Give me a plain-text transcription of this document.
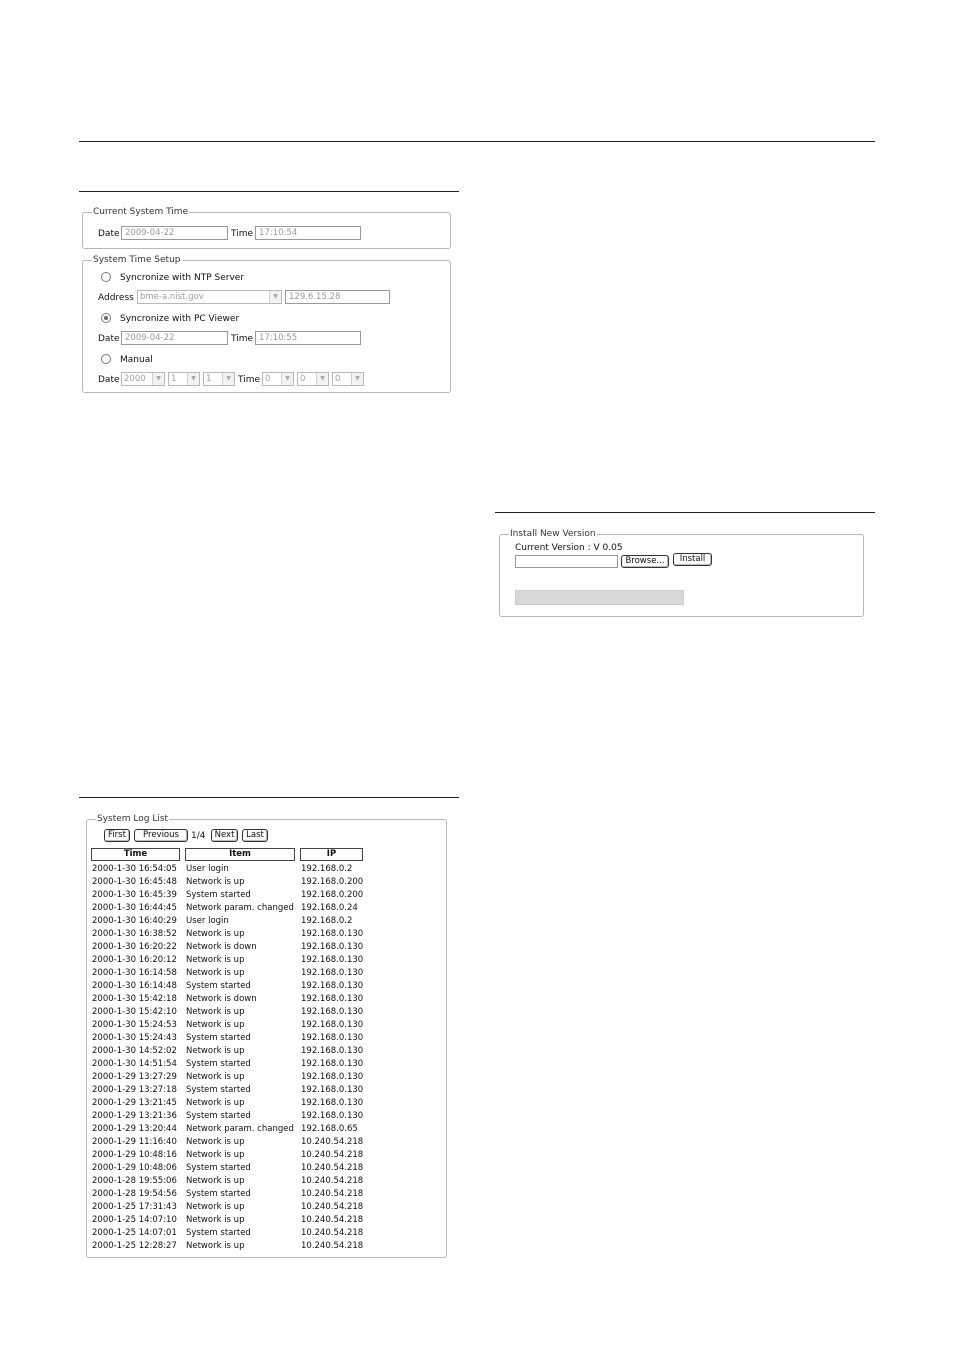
Current System Time
Date 2009-04-22	Time 17:10:54
System Time Setup
Syncronize with NTP Server
Address bme-a.nist.gov	▼	129.6.15.28
Syncronize with PC Viewer
Date 2009-04-22	Time 17:10:55
Manual
Date 2000	▼	1	▼	1	▼ Time 0	▼	0	▼	0	▼
Install New Version
Current Version : V 0.05
Browse...	Install
System Log List
First	Previous	1/4	Next	Last
Time	Item	IP
2000-1-30 16:54:05 User login	192.168.0.2
2000-1-30 16:45:48 Network is up	192.168.0.200
2000-1-30 16:45:39 System started	192.168.0.200
2000-1-30 16:44:45 Network param. changed 192.168.0.24
2000-1-30 16:40:29 User login	192.168.0.2
2000-1-30 16:38:52 Network is up	192.168.0.130
2000-1-30 16:20:22 Network is down	192.168.0.130
2000-1-30 16:20:12 Network is up	192.168.0.130
2000-1-30 16:14:58 Network is up	192.168.0.130
2000-1-30 16:14:48 System started	192.168.0.130
2000-1-30 15:42:18 Network is down	192.168.0.130
2000-1-30 15:42:10 Network is up	192.168.0.130
2000-1-30 15:24:53 Network is up	192.168.0.130
2000-1-30 15:24:43 System started	192.168.0.130
2000-1-30 14:52:02 Network is up	192.168.0.130
2000-1-30 14:51:54 System started	192.168.0.130
2000-1-29 13:27:29 Network is up	192.168.0.130
2000-1-29 13:27:18 System started	192.168.0.130
2000-1-29 13:21:45 Network is up	192.168.0.130
2000-1-29 13:21:36 System started	192.168.0.130
2000-1-29 13:20:44 Network param. changed 192.168.0.65
2000-1-29 11:16:40 Network is up	10.240.54.218
2000-1-29 10:48:16 Network is up	10.240.54.218
2000-1-29 10:48:06 System started	10.240.54.218
2000-1-28 19:55:06 Network is up	10.240.54.218
2000-1-28 19:54:56 System started	10.240.54.218
2000-1-25 17:31:43 Network is up	10.240.54.218
2000-1-25 14:07:10 Network is up	10.240.54.218
2000-1-25 14:07:01 System started	10.240.54.218
2000-1-25 12:28:27 Network is up	10.240.54.218
